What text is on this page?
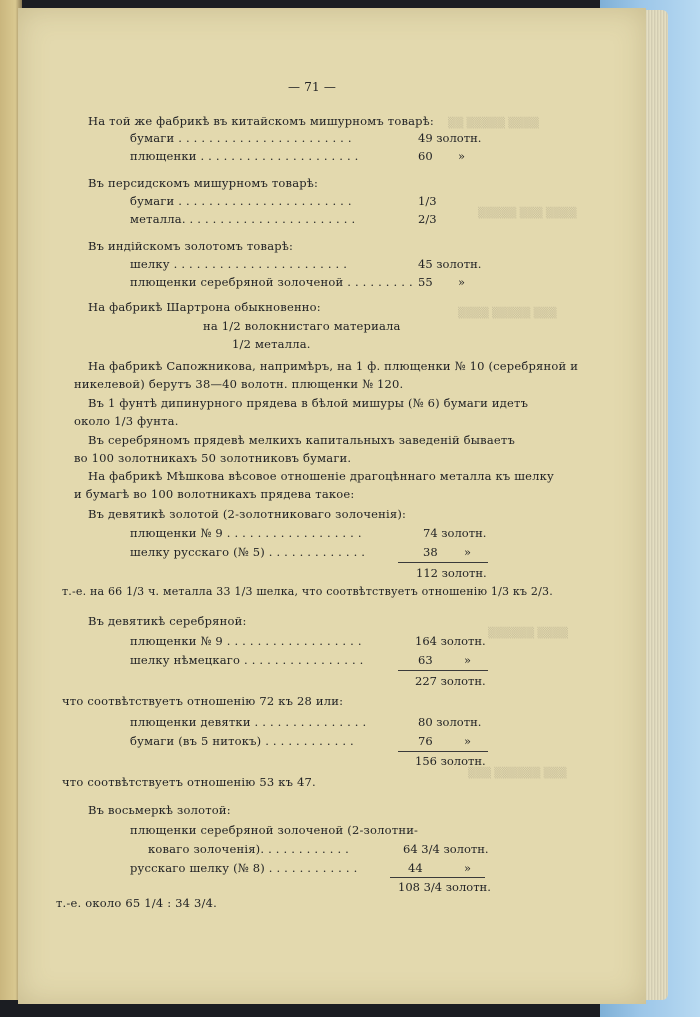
▒▒ ▒▒▒▒▒ ▒▒▒▒
▒▒▒▒▒ ▒▒▒ ▒▒▒▒
▒▒▒▒ ▒▒▒▒▒ ▒▒▒
▒▒▒▒▒▒ ▒▒▒▒
▒▒▒ ▒▒▒▒▒▒ ▒▒▒
— 71 —
На той же фабрикѣ въ китайскомъ мишурномъ товарѣ:
бумаги . . . . . . . . . . . . . . . . . . . . . . .	49 золотн.
плющенки . . . . . . . . . . . . . . . . . . . . .	60 »
Въ персидскомъ мишурномъ товарѣ:
бумаги . . . . . . . . . . . . . . . . . . . . . . .	1/3
металла. . . . . . . . . . . . . . . . . . . . . . .	2/3
Въ индійскомъ золотомъ товарѣ:
шелку . . . . . . . . . . . . . . . . . . . . . . .	45 золотн.
плющенки серебряной золоченой . . . . . . . . . 55 »
На фабрикѣ Шартрона обыкновенно:
на 1/2 волокнистаго материала
1/2 металла.
На фабрикѣ Сапожникова, напримѣръ, на 1 ф. плющенки № 10 (серебряной и
никелевой) берутъ 38—40 волотн. плющенки № 120.
Въ 1 фунтѣ дипинурного прядева в бѣлой мишуры (№ 6) бумаги идетъ
около 1/3 фунта.
Въ серебряномъ прядевѣ мелкихъ капитальныхъ заведеній бываетъ
во 100 золотникахъ 50 золотниковъ бумаги.
На фабрикѣ Мѣшкова вѣсовое отношеніе драгоцѣннаго металла къ шелку
и бумагѣ во 100 волотникахъ прядева такое:
Въ девятикѣ золотой (2-золотниковаго золоченія):
плющенки № 9 . . . . . . . . . . . . . . . . . .	74 золотн.
шелку русскаго (№ 5) . . . . . . . . . . . . .	38 »
112 золотн.
т.-е. на 66 1/3 ч. металла 33 1/3 шелка, что соотвѣтствуетъ отношенію 1/3 къ 2/3.
Въ девятикѣ серебряной:
плющенки № 9 . . . . . . . . . . . . . . . . . .	164 золотн.
шелку нѣмецкаго . . . . . . . . . . . . . . . .	63	»
227 золотн.
что соотвѣтствуетъ отношенію 72 къ 28 или:
плющенки девятки . . . . . . . . . . . . . . .	80 золотн.
бумаги (въ 5 нитокъ) . . . . . . . . . . . .	76	»
156 золотн.
что соотвѣтствуетъ отношенію 53 къ 47.
Въ восьмеркѣ золотой:
плющенки серебряной золоченой (2-золотни-
коваго золоченія). . . . . . . . . . . .	64 3/4 золотн.
русскаго шелку (№ 8) . . . . . . . . . . . .	44	»
108 3/4 золотн.
т.-е. около 65 1/4 : 34 3/4.
